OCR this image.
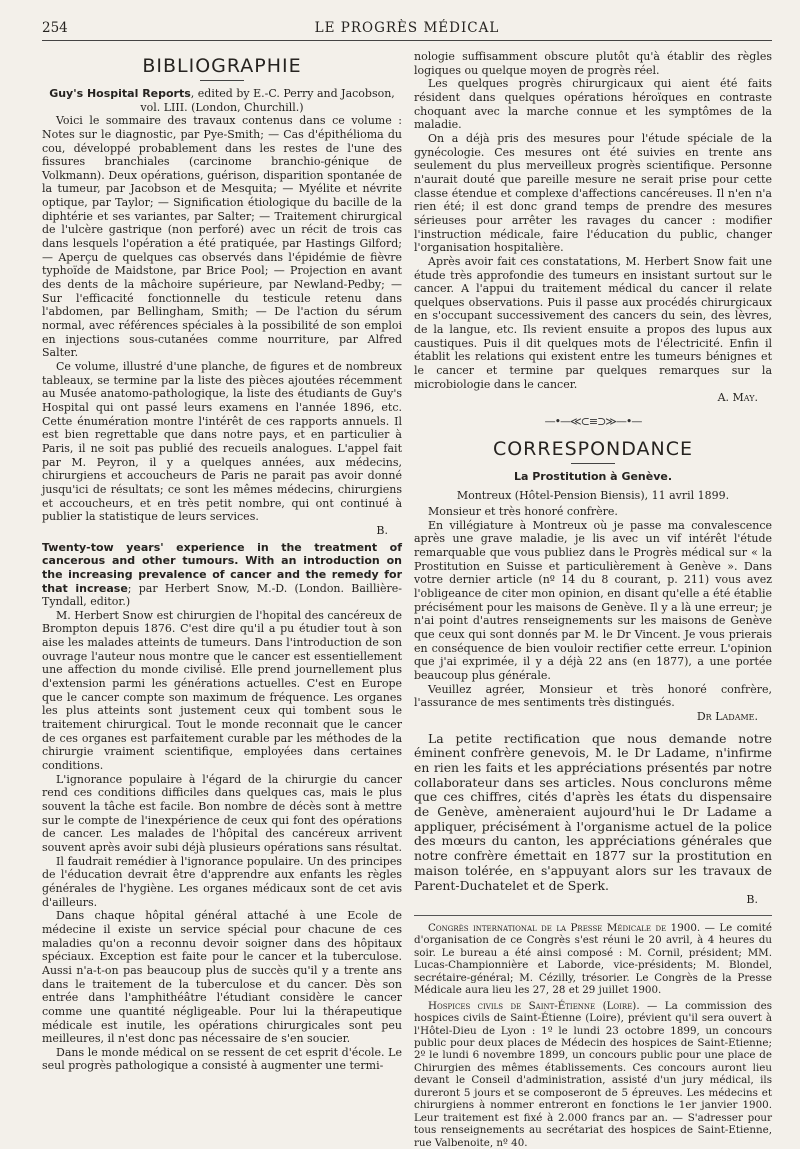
254	LE PROGRÈS MÉDICAL
BIBLIOGRAPHIE

Guy's Hospital Reports, edited by E.-C. Perry and Jacobson, vol. LIII. (London, Churchill.)

Voici le sommaire des travaux contenus dans ce volume : Notes sur le diagnostic, par Pye-Smith; — Cas d'épithélioma du cou, développé probablement dans les restes de l'une des fissures branchiales (carcinome branchio-génique de Volkmann). Deux opérations, guérison, disparition spontanée de la tumeur, par Jacobson et de Mesquita; — Myélite et névrite optique, par Taylor; — Signification étiologique du bacille de la diphtérie et ses variantes, par Salter; — Traitement chirurgical de l'ulcère gastrique (non perforé) avec un récit de trois cas dans lesquels l'opération a été pratiquée, par Hastings Gilford; — Aperçu de quelques cas observés dans l'épidémie de fièvre typhoïde de Maidstone, par Brice Pool; — Projection en avant des dents de la mâchoire supérieure, par Newland-Pedby; — Sur l'efficacité fonctionnelle du testicule retenu dans l'abdomen, par Bellingham, Smith; — De l'action du sérum normal, avec références spéciales à la possibilité de son emploi en injections sous-cutanées comme nourriture, par Alfred Salter.

Ce volume, illustré d'une planche, de figures et de nombreux tableaux, se termine par la liste des pièces ajoutées récemment au Musée anatomo-pathologique, la liste des étudiants de Guy's Hospital qui ont passé leurs examens en l'année 1896, etc. Cette énumération montre l'intérêt de ces rapports annuels. Il est bien regrettable que dans notre pays, et en particulier à Paris, il ne soit pas publié des recueils analogues. L'appel fait par M. Peyron, il y a quelques années, aux médecins, chirurgiens et accoucheurs de Paris ne parait pas avoir donné jusqu'ici de résultats; ce sont les mêmes médecins, chirurgiens et accoucheurs, et en très petit nombre, qui ont continué à publier la statistique de leurs services.

B.

Twenty-tow years' experience in the treatment of cancerous and other tumours. With an introduction on the increasing prevalence of cancer and the remedy for that increase; par Herbert Snow, M.-D. (London. Baillière-Tyndall, editor.)

M. Herbert Snow est chirurgien de l'hopital des cancéreux de Brompton depuis 1876. C'est dire qu'il a pu étudier tout à son aise les malades atteints de tumeurs. Dans l'introduction de son ouvrage l'auteur nous montre que le cancer est essentiellement une affection du monde civilisé. Elle prend journellement plus d'extension parmi les générations actuelles. C'est en Europe que le cancer compte son maximum de fréquence. Les organes les plus atteints sont justement ceux qui tombent sous le traitement chirurgical. Tout le monde reconnait que le cancer de ces organes est parfaitement curable par les méthodes de la chirurgie vraiment scientifique, employées dans certaines conditions.

L'ignorance populaire à l'égard de la chirurgie du cancer rend ces conditions difficiles dans quelques cas, mais le plus souvent la tâche est facile. Bon nombre de décès sont à mettre sur le compte de l'inexpérience de ceux qui font des opérations de cancer. Les malades de l'hôpital des cancéreux arrivent souvent après avoir subi déjà plusieurs opérations sans résultat.

Il faudrait remédier à l'ignorance populaire. Un des principes de l'éducation devrait être d'apprendre aux enfants les règles générales de l'hygiène. Les organes médicaux sont de cet avis d'ailleurs.

Dans chaque hôpital général attaché à une Ecole de médecine il existe un service spécial pour chacune de ces maladies qu'on a reconnu devoir soigner dans des hôpitaux spéciaux. Exception est faite pour le cancer et la tuberculose. Aussi n'a-t-on pas beaucoup plus de succès qu'il y a trente ans dans le traitement de la tuberculose et du cancer. Dès son entrée dans l'amphithéâtre l'étudiant considère le cancer comme une quantité négligeable. Pour lui la thérapeutique médicale est inutile, les opérations chirurgicales sont peu meilleures, il n'est donc pas nécessaire de s'en soucier.

Dans le monde médical on se ressent de cet esprit d'école. Le seul progrès pathologique a consisté à augmenter une termi-

nologie suffisamment obscure plutôt qu'à établir des règles logiques ou quelque moyen de progrès réel.

Les quelques progrès chirurgicaux qui aient été faits résident dans quelques opérations héroïques en contraste choquant avec la marche connue et les symptômes de la maladie.

On a déjà pris des mesures pour l'étude spéciale de la gynécologie. Ces mesures ont été suivies en trente ans seulement du plus merveilleux progrès scientifique. Personne n'aurait douté que pareille mesure ne serait prise pour cette classe étendue et complexe d'affections cancéreuses. Il n'en n'a rien été; il est donc grand temps de prendre des mesures sérieuses pour arrêter les ravages du cancer : modifier l'instruction médicale, faire l'éducation du public, changer l'organisation hospitalière.

Après avoir fait ces constatations, M. Herbert Snow fait une étude très approfondie des tumeurs en insistant surtout sur le cancer. A l'appui du traitement médical du cancer il relate quelques observations. Puis il passe aux procédés chirurgicaux en s'occupant successivement des cancers du sein, des lèvres, de la langue, etc. Ils revient ensuite a propos des lupus aux caustiques. Puis il dit quelques mots de l'électricité. Enfin il établit les relations qui existent entre les tumeurs bénignes et le cancer et termine par quelques remarques sur la microbiologie dans le cancer.

A. May.
—•—≪⊂≡⊃≫—•—
CORRESPONDANCE
La Prostitution à Genève.
Montreux (Hôtel-Pension Biensis), 11 avril 1899.

Monsieur et très honoré confrère.

En villégiature à Montreux où je passe ma convalescence après une grave maladie, je lis avec un vif intérêt l'étude remarquable que vous publiez dans le Progrès médical sur « la Prostitution en Suisse et particulièrement à Genève ». Dans votre dernier article (nº 14 du 8 courant, p. 211) vous avez l'obligeance de citer mon opinion, en disant qu'elle a été établie précisément pour les maisons de Genève. Il y a là une erreur; je n'ai point d'autres renseignements sur les maisons de Genève que ceux qui sont donnés par M. le Dr Vincent. Je vous prierais en conséquence de bien vouloir rectifier cette erreur. L'opinion que j'ai exprimée, il y a déjà 22 ans (en 1877), a une portée beaucoup plus générale.

Veuillez agréer, Monsieur et très honoré confrère, l'assurance de mes sentiments très distingués.

Dr Ladame.

La petite rectification que nous demande notre éminent confrère genevois, M. le Dr Ladame, n'infirme en rien les faits et les appréciations présentés par notre collaborateur dans ses articles. Nous conclurons même que ces chiffres, cités d'après les états du dispensaire de Genève, amèneraient aujourd'hui le Dr Ladame a appliquer, précisément à l'organisme actuel de la police des mœurs du canton, les appréciations générales que notre confrère émettait en 1877 sur la prostitution en maison tolérée, en s'appuyant alors sur les travaux de Parent-Duchatelet et de Sperk.

B.

Congrès international de la Presse Médicale de 1900. — Le comité d'organisation de ce Congrès s'est réuni le 20 avril, à 4 heures du soir. Le bureau a été ainsi composé : M. Cornil, président; MM. Lucas-Championnière et Laborde, vice-présidents; M. Blondel, secrétaire-général; M. Cézilly, trésorier. Le Congrès de la Presse Médicale aura lieu les 27, 28 et 29 juillet 1900.

Hospices civils de Saint-Étienne (Loire). — La commission des hospices civils de Saint-Étienne (Loire), prévient qu'il sera ouvert à l'Hôtel-Dieu de Lyon : 1º le lundi 23 octobre 1899, un concours public pour deux places de Médecin des hospices de Saint-Etienne; 2º le lundi 6 novembre 1899, un concours public pour une place de Chirurgien des mêmes établissements. Ces concours auront lieu devant le Conseil d'administration, assisté d'un jury médical, ils dureront 5 jours et se composeront de 5 épreuves. Les médecins et chirurgiens à nommer entreront en fonctions le 1er janvier 1900. Leur traitement est fixé à 2.000 francs par an. — S'adresser pour tous renseignements au secrétariat des hospices de Saint-Etienne, rue Valbenoite, nº 40.
